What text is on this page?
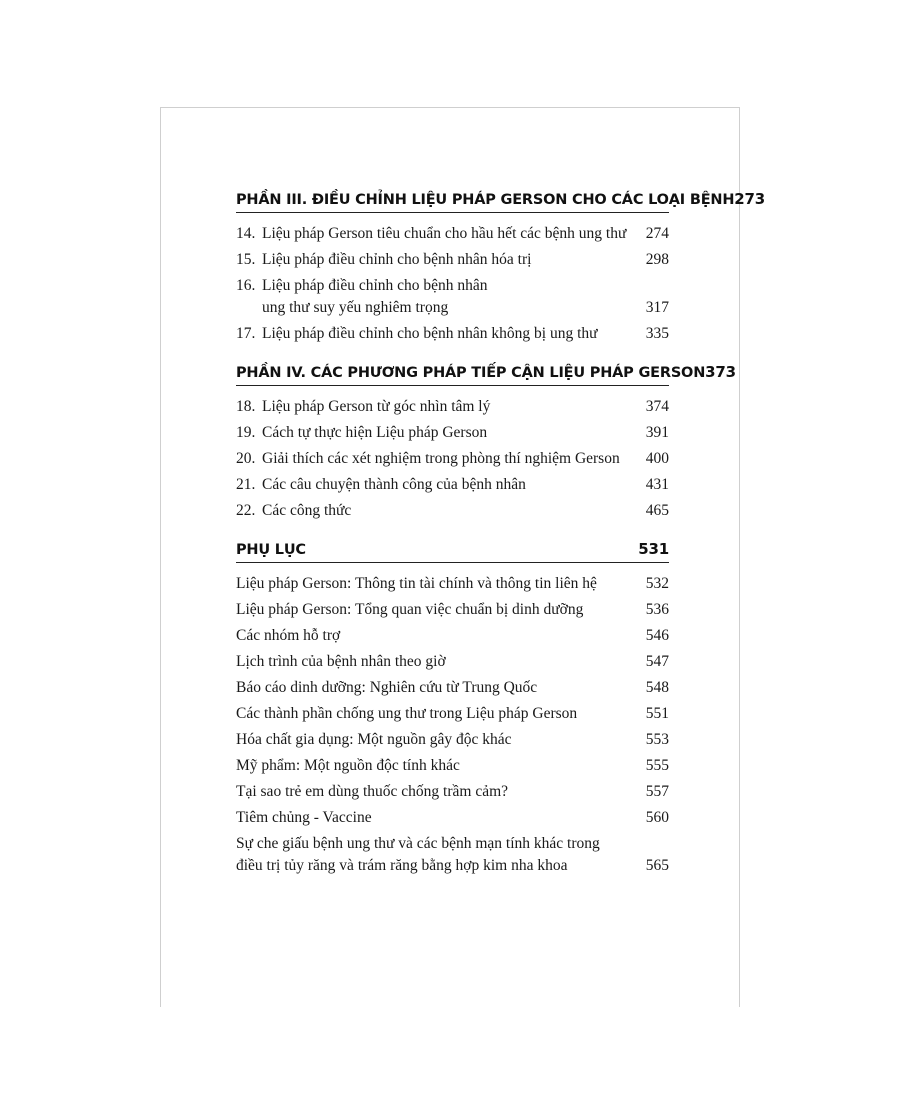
PHẦN III. ĐIỀU CHỈNH LIỆU PHÁP GERSON CHO CÁC LOẠI BỆNH 273
14. Liệu pháp Gerson tiêu chuẩn cho hầu hết các bệnh ung thư	274
15. Liệu pháp điều chỉnh cho bệnh nhân hóa trị	298
16. Liệu pháp điều chỉnh cho bệnh nhân
ung thư suy yếu nghiêm trọng	317
17. Liệu pháp điều chỉnh cho bệnh nhân không bị ung thư	335
PHẦN IV. CÁC PHƯƠNG PHÁP TIẾP CẬN LIỆU PHÁP GERSON 373
18. Liệu pháp Gerson từ góc nhìn tâm lý	374
19. Cách tự thực hiện Liệu pháp Gerson	391
20. Giải thích các xét nghiệm trong phòng thí nghiệm Gerson	400
21. Các câu chuyện thành công của bệnh nhân	431
22. Các công thức	465
PHỤ LỤC	531
Liệu pháp Gerson: Thông tin tài chính và thông tin liên hệ	532
Liệu pháp Gerson: Tổng quan việc chuẩn bị dinh dưỡng	536
Các nhóm hỗ trợ	546
Lịch trình của bệnh nhân theo giờ	547
Báo cáo dinh dưỡng: Nghiên cứu từ Trung Quốc	548
Các thành phần chống ung thư trong Liệu pháp Gerson	551
Hóa chất gia dụng: Một nguồn gây độc khác	553
Mỹ phẩm: Một nguồn độc tính khác	555
Tại sao trẻ em dùng thuốc chống trầm cảm?	557
Tiêm chủng - Vaccine	560
Sự che giấu bệnh ung thư và các bệnh mạn tính khác trong
điều trị tủy răng và trám răng bằng hợp kim nha khoa	565
